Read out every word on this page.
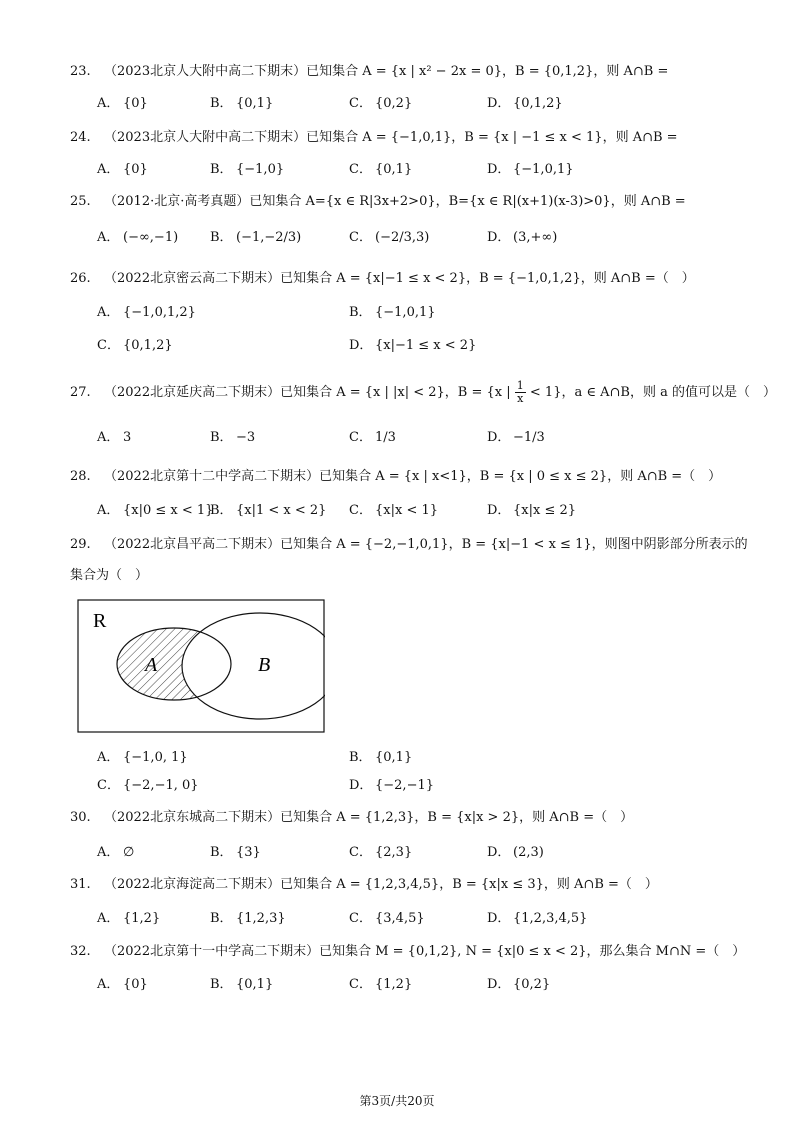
23. （2023北京人大附中高二下期末）已知集合 A = {x | x² − 2x = 0}，B = {0,1,2}，则 A∩B =
A． {0}	B． {0,1}	C． {0,2}	D． {0,1,2}
24. （2023北京人大附中高二下期末）已知集合 A = {−1,0,1}，B = {x | −1 ≤ x < 1}，则 A∩B =
A． {0}	B． {−1,0}	C． {0,1}	D． {−1,0,1}
25. （2012·北京·高考真题）已知集合 A={x ∈ R|3x+2>0}，B={x ∈ R|(x+1)(x-3)>0}，则 A∩B =
A． (−∞,−1) B． (−1,−2/3)	C． (−2/3,3)	D． (3,+∞)
26. （2022北京密云高二下期末）已知集合 A = {x|−1 ≤ x < 2}，B = {−1,0,1,2}，则 A∩B =（　）
A． {−1,0,1,2}	B． {−1,0,1}
C． {0,1,2}	D． {x|−1 ≤ x < 2}
27. （2022北京延庆高二下期末）已知集合 A = {x | |x| < 2}，B = {x | $\frac{1}{x} < 1$}，a ∈ A∩B，则 a 的值可以是（　）
A． 3	B． −3	C． 1/3	D． −1/3
28. （2022北京第十二中学高二下期末）已知集合 A = {x | x<1}，B = {x | 0 ≤ x ≤ 2}，则 A∩B =（　）
A． {x|0 ≤ x < 1}
B． {x|1 < x < 2} C． {x|x < 1}	D． {x|x ≤ 2}
29. （2022北京昌平高二下期末）已知集合 A = {−2,−1,0,1}，B = {x|−1 < x ≤ 1}，则图中阴影部分所表示的
集合为（　）
R
A	B
A． {−1,0, 1}	B． {0,1}
C． {−2,−1, 0}	D． {−2,−1}
30. （2022北京东城高二下期末）已知集合 A = {1,2,3}，B = {x|x > 2}，则 A∩B =（　）
A． ∅	B． {3}	C． {2,3}	D． (2,3)
31. （2022北京海淀高二下期末）已知集合 A = {1,2,3,4,5}，B = {x|x ≤ 3}，则 A∩B =（　）
A． {1,2}	B． {1,2,3}	C． {3,4,5}	D． {1,2,3,4,5}
32. （2022北京第十一中学高二下期末）已知集合 M = {0,1,2}, N = {x|0 ≤ x < 2}，那么集合 M∩N =（　）
A． {0}	B． {0,1}	C． {1,2}	D． {0,2}
第3页/共20页
